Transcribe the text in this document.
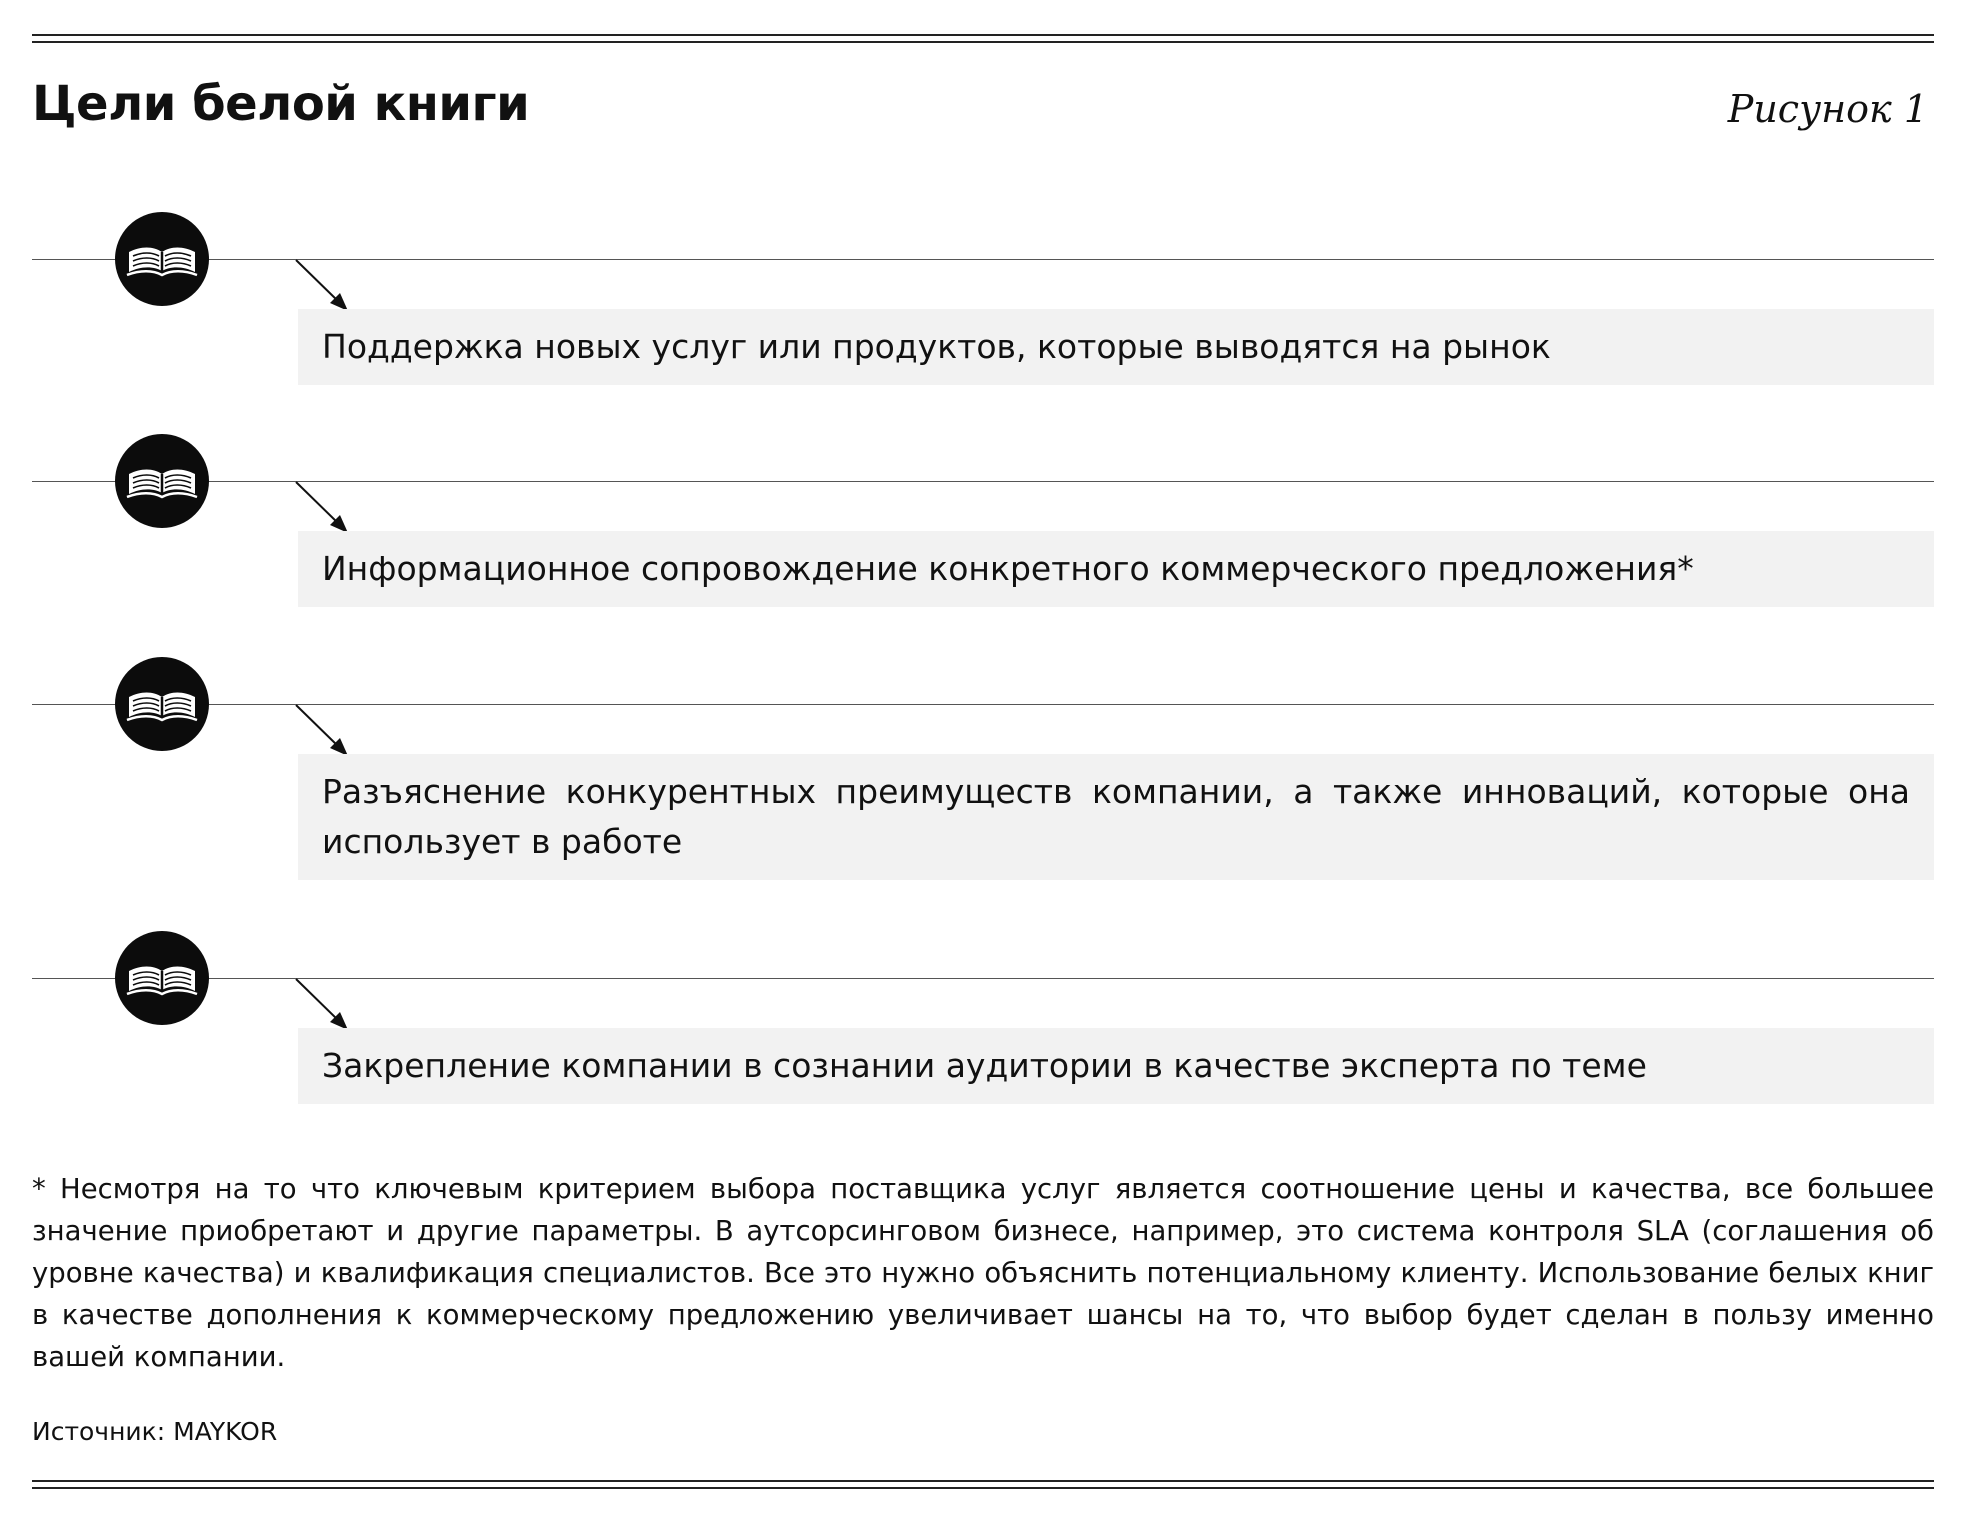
Цели белой книги	Рисунок 1
Поддержка новых услуг или продуктов, которые выводятся на рынок
Информационное сопровождение конкретного коммерческого предложения*
Разъяснение конкурентных преимуществ компании, а также инноваций, которые она использует в работе
Закрепление компании в сознании аудитории в качестве эксперта по теме

* Несмотря на то что ключевым критерием выбора поставщика услуг является соотношение цены и качества, все большее значение приобретают и другие параметры. В аутсорсинговом бизнесе, например, это система контроля SLA (соглашения об уровне качества) и квалификация специалистов. Все это нужно объяснить потенциальному клиенту. Использование белых книг в качестве дополнения к коммерческому предложению увеличивает шансы на то, что выбор будет сделан в пользу именно вашей компании.

Источник: MAYKOR
